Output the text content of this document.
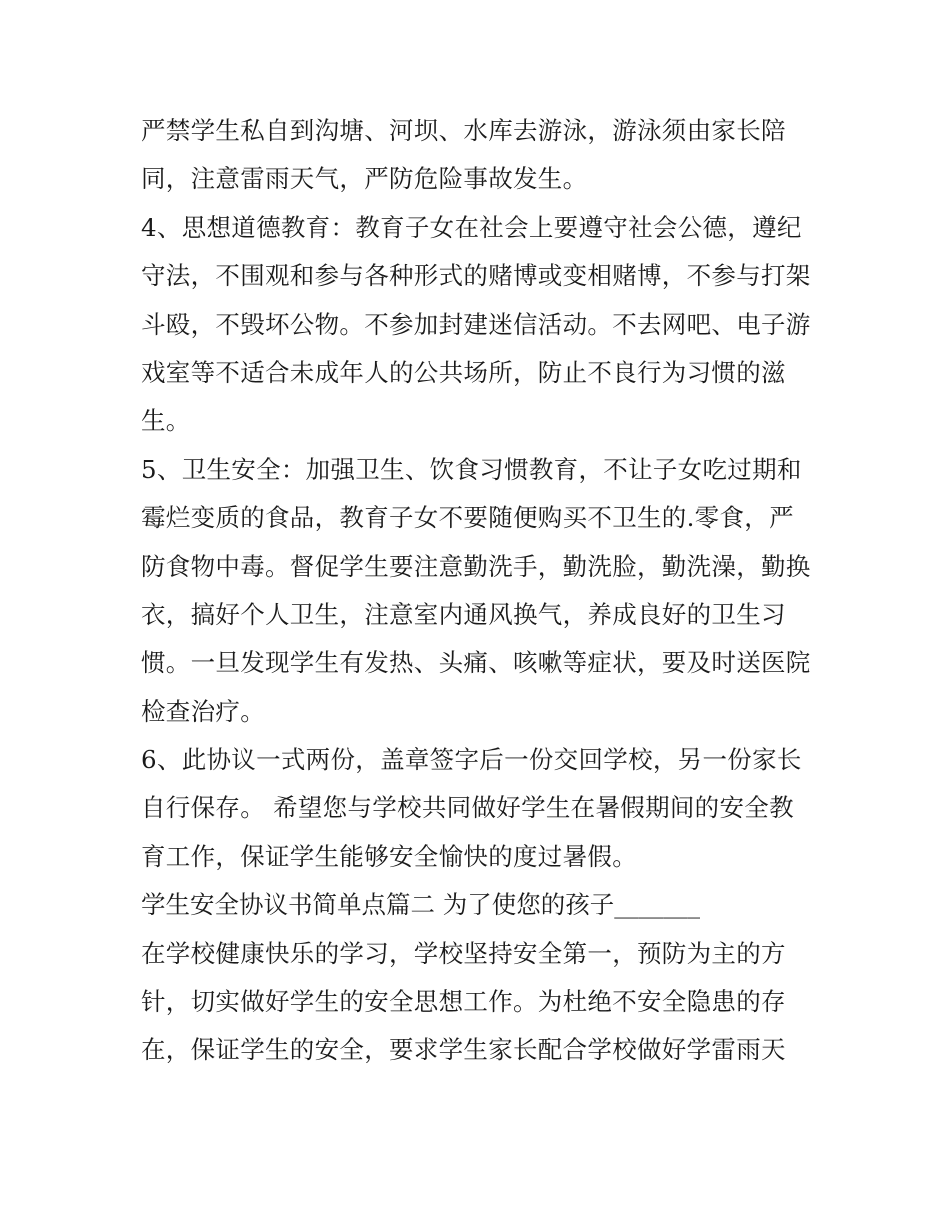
严禁学生私自到沟塘、河坝、水库去游泳，游泳须由家长陪
同，注意雷雨天气，严防危险事故发生。
4、思想道德教育：教育子女在社会上要遵守社会公德，遵纪
守法，不围观和参与各种形式的赌博或变相赌博，不参与打架
斗殴，不毁坏公物。不参加封建迷信活动。不去网吧、电子游
戏室等不适合未成年人的公共场所，防止不良行为习惯的滋
生。
5、卫生安全：加强卫生、饮食习惯教育，不让子女吃过期和
霉烂变质的食品，教育子女不要随便购买不卫生的.零食，严
防食物中毒。督促学生要注意勤洗手，勤洗脸，勤洗澡，勤换
衣，搞好个人卫生，注意室内通风换气，养成良好的卫生习
惯。一旦发现学生有发热、头痛、咳嗽等症状，要及时送医院
检查治疗。
6、此协议一式两份，盖章签字后一份交回学校，另一份家长
自行保存。 希望您与学校共同做好学生在暑假期间的安全教
育工作，保证学生能够安全愉快的度过暑假。
学生安全协议书简单点篇二 为了使您的孩子_______
在学校健康快乐的学习，学校坚持安全第一，预防为主的方
针，切实做好学生的安全思想工作。为杜绝不安全隐患的存
在，保证学生的安全，要求学生家长配合学校做好学雷雨天
